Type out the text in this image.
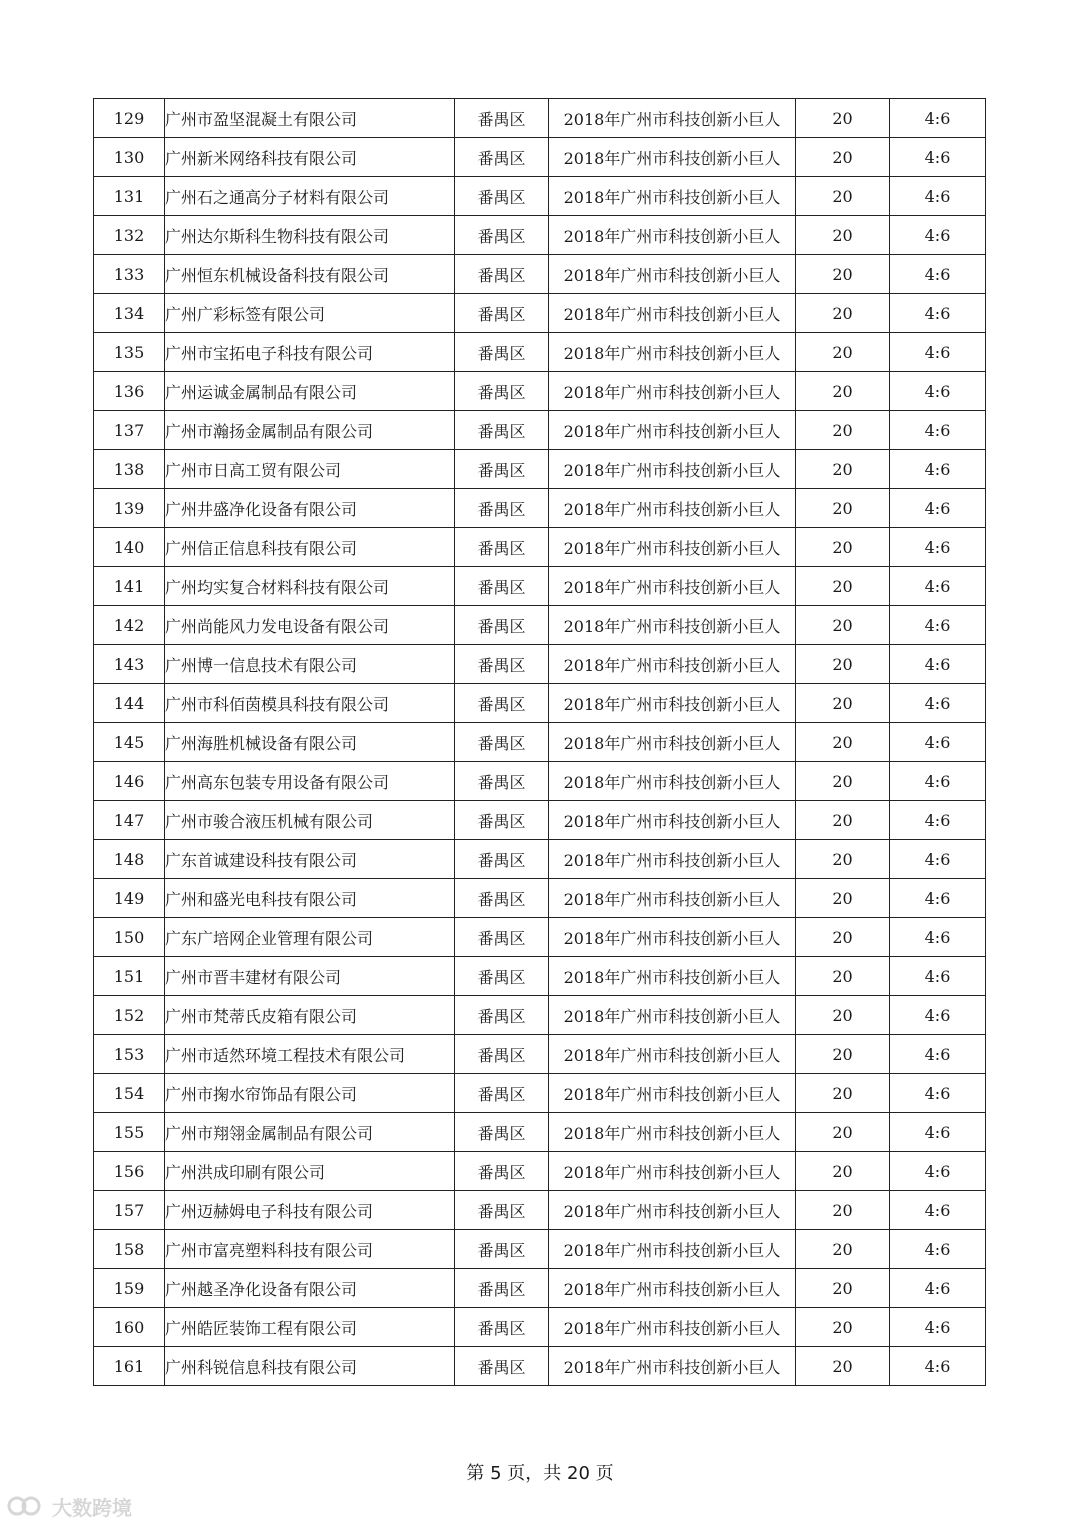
129	广州市盈坚混凝土有限公司	番禺区	2018年广州市科技创新小巨人	20	4:6
130	广州新米网络科技有限公司	番禺区	2018年广州市科技创新小巨人	20	4:6
131	广州石之通高分子材料有限公司	番禺区	2018年广州市科技创新小巨人	20	4:6
132	广州达尔斯科生物科技有限公司	番禺区	2018年广州市科技创新小巨人	20	4:6
133	广州恒东机械设备科技有限公司	番禺区	2018年广州市科技创新小巨人	20	4:6
134	广州广彩标签有限公司	番禺区	2018年广州市科技创新小巨人	20	4:6
135	广州市宝拓电子科技有限公司	番禺区	2018年广州市科技创新小巨人	20	4:6
136	广州运诚金属制品有限公司	番禺区	2018年广州市科技创新小巨人	20	4:6
137	广州市瀚扬金属制品有限公司	番禺区	2018年广州市科技创新小巨人	20	4:6
138	广州市日高工贸有限公司	番禺区	2018年广州市科技创新小巨人	20	4:6
139	广州井盛净化设备有限公司	番禺区	2018年广州市科技创新小巨人	20	4:6
140	广州信正信息科技有限公司	番禺区	2018年广州市科技创新小巨人	20	4:6
141	广州均实复合材料科技有限公司	番禺区	2018年广州市科技创新小巨人	20	4:6
142	广州尚能风力发电设备有限公司	番禺区	2018年广州市科技创新小巨人	20	4:6
143	广州博一信息技术有限公司	番禺区	2018年广州市科技创新小巨人	20	4:6
144	广州市科佰茵模具科技有限公司	番禺区	2018年广州市科技创新小巨人	20	4:6
145	广州海胜机械设备有限公司	番禺区	2018年广州市科技创新小巨人	20	4:6
146	广州高东包装专用设备有限公司	番禺区	2018年广州市科技创新小巨人	20	4:6
147	广州市骏合液压机械有限公司	番禺区	2018年广州市科技创新小巨人	20	4:6
148	广东首诚建设科技有限公司	番禺区	2018年广州市科技创新小巨人	20	4:6
149	广州和盛光电科技有限公司	番禺区	2018年广州市科技创新小巨人	20	4:6
150	广东广培网企业管理有限公司	番禺区	2018年广州市科技创新小巨人	20	4:6
151	广州市晋丰建材有限公司	番禺区	2018年广州市科技创新小巨人	20	4:6
152	广州市梵蒂氏皮箱有限公司	番禺区	2018年广州市科技创新小巨人	20	4:6
153	广州市适然环境工程技术有限公司	番禺区	2018年广州市科技创新小巨人	20	4:6
154	广州市掬水帘饰品有限公司	番禺区	2018年广州市科技创新小巨人	20	4:6
155	广州市翔翎金属制品有限公司	番禺区	2018年广州市科技创新小巨人	20	4:6
156	广州洪成印刷有限公司	番禺区	2018年广州市科技创新小巨人	20	4:6
157	广州迈赫姆电子科技有限公司	番禺区	2018年广州市科技创新小巨人	20	4:6
158	广州市富亮塑料科技有限公司	番禺区	2018年广州市科技创新小巨人	20	4:6
159	广州越圣净化设备有限公司	番禺区	2018年广州市科技创新小巨人	20	4:6
160	广州皓匠装饰工程有限公司	番禺区	2018年广州市科技创新小巨人	20	4:6
161	广州科锐信息科技有限公司	番禺区	2018年广州市科技创新小巨人	20	4:6
第 5 页，共 20 页
大数跨境
